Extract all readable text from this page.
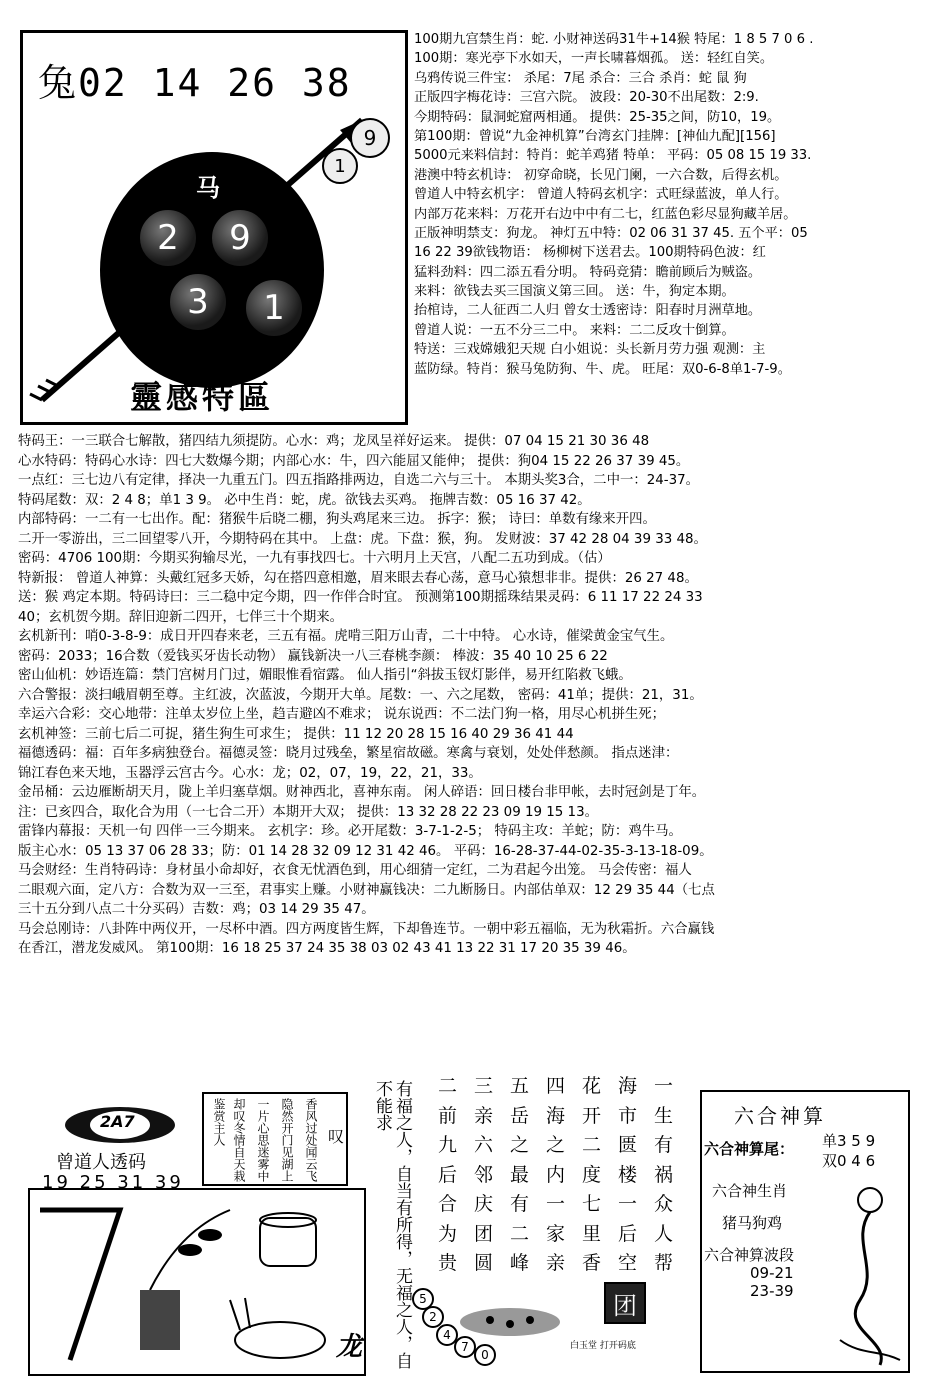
兔02 14 26 38
马
2	9
3	1
1
9
靈感特區
100期九宫禁生肖：蛇. 小财神送码31牛+14猴 特尾：1 8 5 7 0 6 .
100期：寒光亭下水如天，一声长啸暮烟孤。 送：轻红自笑。
乌鸦传说三件宝： 杀尾：7尾 杀合：三合 杀肖：蛇 鼠 狗
正版四字梅花诗：三宫六院。 波段：20-30不出尾数：2:9.
今期特码：鼠洞蛇窟两相通。 提供：25-35之间，防10，19。
第100期：曾说“九金神机算”台湾玄门挂牌：[神仙九配][156]
5000元来料信封：特肖：蛇羊鸡猪 特单： 平码：05 08 15 19 33.
港澳中特玄机诗： 初穿命晓，长见门阑，一六合数，后得玄机。
曾道人中特玄机字： 曾道人特码玄机字：式旺绿蓝波，单人行。
内部万花来料：万花开右边中中有二七，红蓝色彩尽显狗藏羊居。
正版神明禁支：狗龙。 神灯五中特：02 06 31 37 45. 五个平：05
16 22 39欲钱物语： 杨柳树下送君去。100期特码色波：红
猛料劲料：四二添五看分明。 特码竞猜：瞻前顾后为贼盗。
来料：欲钱去买三国演义第三回。 送：牛，狗定本期。
抬棺诗，二人征西二人归 曾女士透密诗：阳春时月洲草地。
曾道人说：一五不分三二中。 来料：二二反攻十倒算。
特送：三戏嫦娥犯天规 白小姐说：头长新月劳力强 观测：主
蓝防绿。特肖：猴马兔防狗、牛、虎。 旺尾：双0-6-8单1-7-9。
特码王：一三联合七解散，猪四结九须提防。心水：鸡；龙凤呈祥好运来。 提供：07 04 15 21 30 36 48
心水特码：特码心水诗：四七大数爆今期；内部心水：牛，四六能屈又能伸； 提供：狗04 15 22 26 37 39 45。
一点红：三七边八有定律，择决一九重五门。四五指路排两边，自选二六与三十。 本期头奖3合，二中一：24-37。
特码尾数：双：2 4 8；单1 3 9。 必中生肖：蛇，虎。欲钱去买鸡。 拖牌吉数：05 16 37 42。
内部特码：一二有一七出作。配：猪猴牛后晓二棚，狗头鸡尾来三边。 拆字：猴； 诗曰：单数有缘来开四。
二开一零游出，三二回望零八开，今期特码在其中。 上盘：虎。下盘：猴，狗。 发财波：37 42 28 04 39 33 48。
密码：4706 100期：今期买狗输尽光，一九有事找四七。十六明月上天宫，八配二五功到成。（估）
特新报： 曾道人神算：头戴红冠多天娇，勾在搭四意相邀，眉来眼去春心荡，意马心猿想非非。提供：26 27 48。
送：猴 鸡定本期。特码诗曰：三二稳中定今期，四一作伴合时宜。 预测第100期摇珠结果灵码：6 11 17 22 24 33
40；玄机贺今期。辞旧迎新二四开，七伴三十个期来。
玄机新刊：哨0-3-8-9：成日开四春来老，三五有福。虎啃三阳万山青，二十中特。 心水诗，催梁黄金宝气生。
密码：2033；16合数（爱钱买牙齿长动物） 赢钱新决一八三春桃李颜： 棒波：35 40 10 25 6 22
密山仙机：妙语连篇：禁门宫树月门过，媚眼惟看宿露。 仙人指引“斜拔玉钗灯影伴，易开红陷救飞蛾。
六合警报：淡扫峨眉朝至尊。主红波，次蓝波，今期开大单。尾数：一、六之尾数， 密码：41单；提供：21，31。
幸运六合彩：交心地带：注单太岁位上坐，趋吉避凶不难求； 说东说西：不二法门狗一格，用尽心机拼生死；
玄机神签：三前七后二可捉，猪生狗生可求生； 提供：11 12 20 28 15 16 40 29 36 41 44
福德透码：福：百年多病独登台。福德灵签：晓月过残垒，繁星宿故磁。寒禽与衰划，处处伴愁颜。 指点迷津：
锦江春色来天地，玉器浮云宫古今。心水：龙；02，07，19，22，21，33。
金吊桶：云边雁断胡天月，陇上羊归塞草烟。财神西北，喜神东南。 闲人碎语：回日楼台非甲帐，去时冠剑是丁年。
注：已亥四合，取化合为用（一七合二开）本期开大双； 提供：13 32 28 22 23 09 19 15 13。
雷锋内幕报：天机一句 四伴一三今期来。 玄机字：珍。必开尾数：3-7-1-2-5； 特码主攻：羊蛇；防：鸡牛马。
版主心水：05 13 37 06 28 33；防：01 14 28 32 09 12 31 42 46。 平码：16-28-37-44-02-35-3-13-18-09。
马会财经：生肖特码诗：身材虽小命却好，衣食无忧酒色到，用心细猜一定红，二为君起今出笼。 马会传密：福人
二眼观六面，定八方：合数为双一三至，君事实上赚。小财神赢钱决：二九断肠日。内部估单双：12 29 35 44（七点
三十五分到八点二十分买码）吉数：鸡；03 14 29 35 47。
马会总刚诗：八卦阵中两仪开，一尽杯中酒。四方两度皆生辉，下却鲁连节。一朝中彩五福临，无为秋霜折。六合赢钱
在香江，潜龙发威风。 第100期：16 18 25 37 24 35 38 03 02 43 41 13 22 31 17 20 35 39 46。
2A7
曾道人透码
19 25 31 39
鉴赏主人 却叹冬情自天栽 一片心思迷雾中 隐然开门见湖上 香风过处闻云飞 叹
龙	有福之人，自当有所得，无福之人，自不能求	二三五四花海一
前亲岳海开市生
九六之之二匮有
后邻最内度楼祸
合庆有一七一众
为团二家里后人
贵圆峰亲香空帮
5
2
4
7
0
团
白玉堂 打开码底
六合神算
六合神算尾： 单3 5 9
双0 4 6
六合神生肖
猪马狗鸡
六合神算波段
09-21
23-39
